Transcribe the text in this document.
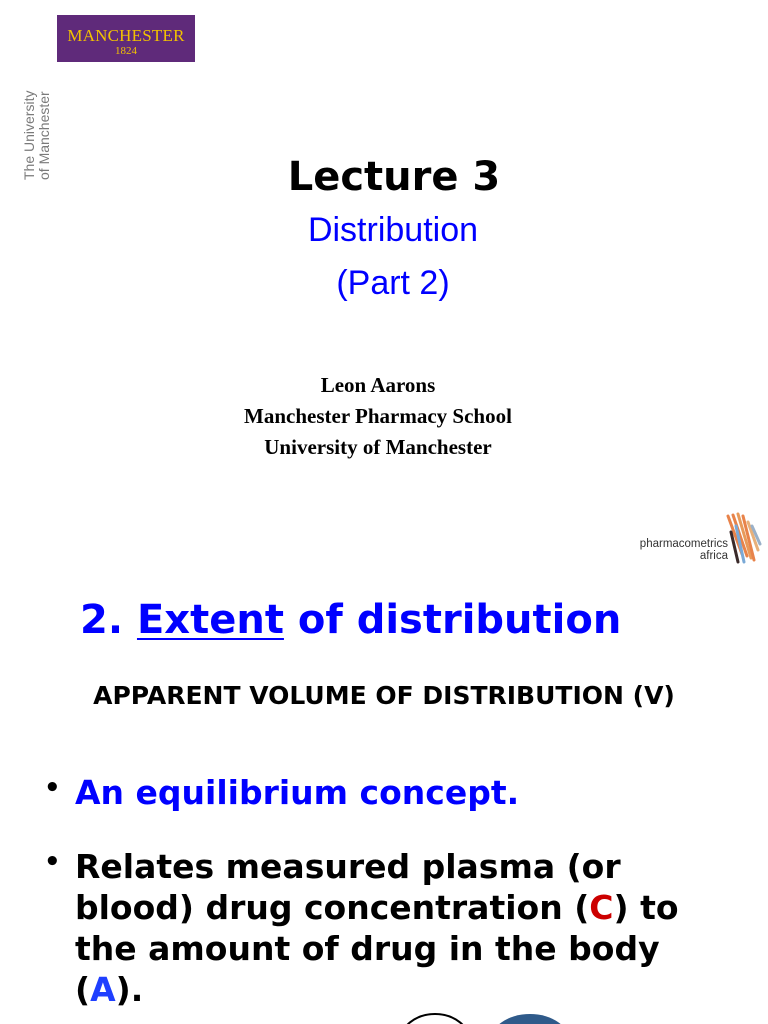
MANCHESTER
1824
The University of Manchester	Lecture 3
Distribution
(Part 2)
Leon Aarons
Manchester Pharmacy School
University of Manchester
pharmacometrics
africa
2. Extent of distribution
APPARENT VOLUME OF DISTRIBUTION (V)
• An equilibrium concept.
• Relates measured plasma (or blood) drug concentration (C) to the amount of drug in the body (A).
